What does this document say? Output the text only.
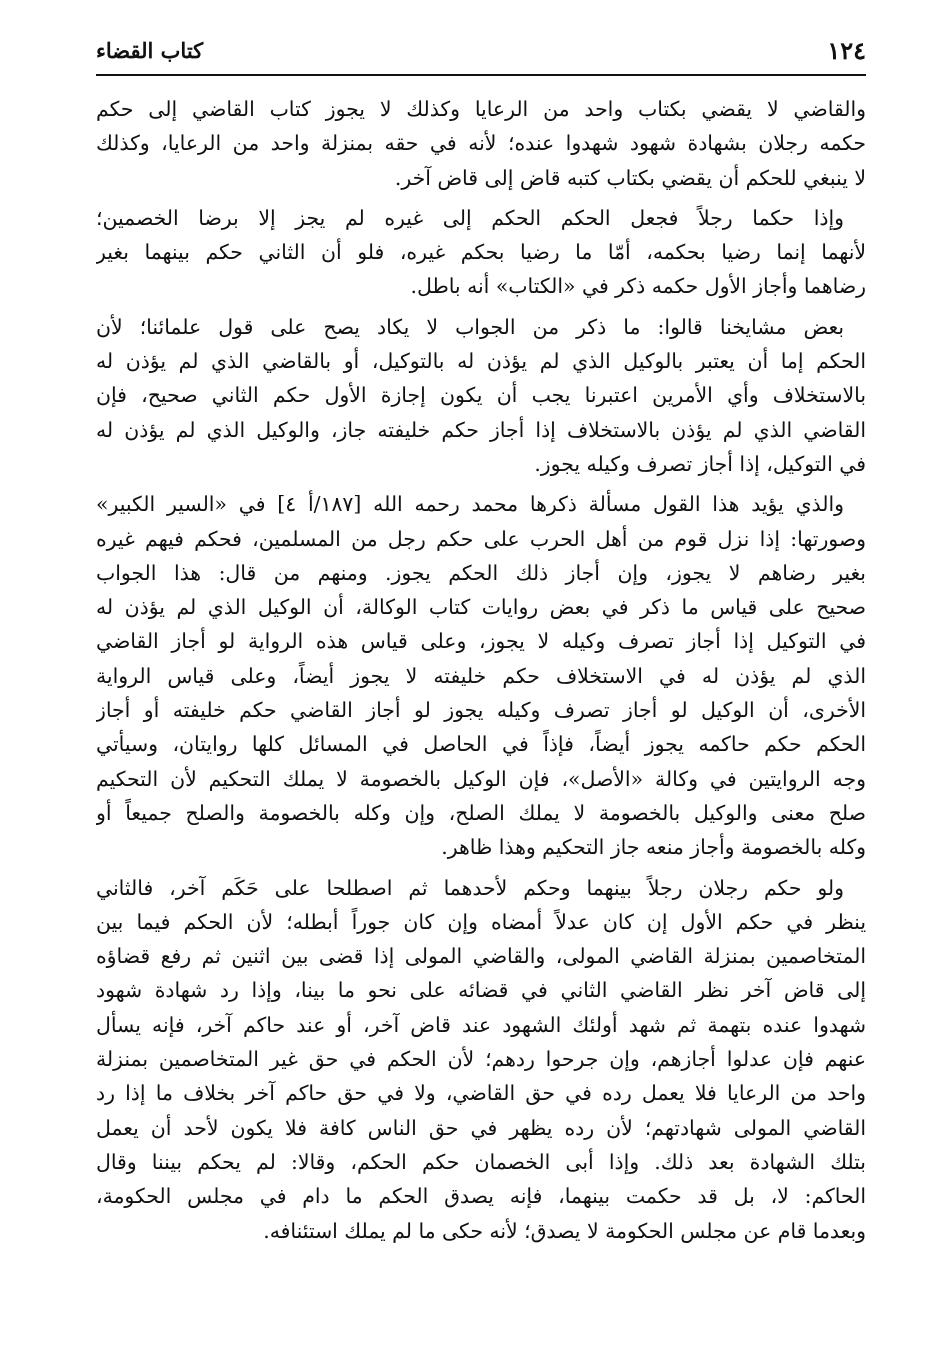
١٢٤
كتاب القضاء
والقاضي لا يقضي بكتاب واحد من الرعايا وكذلك لا يجوز كتاب القاضي إلى حكم
حكمه رجلان بشهادة شهود شهدوا عنده؛ لأنه في حقه بمنزلة واحد من الرعايا، وكذلك
لا ينبغي للحكم أن يقضي بكتاب كتبه قاض إلى قاض آخر.
وإذا حكما رجلاً فجعل الحكم الحكم إلى غيره لم يجز إلا برضا الخصمين؛
لأنهما إنما رضيا بحكمه، أمّا ما رضيا بحكم غيره، فلو أن الثاني حكم بينهما بغير
رضاهما وأجاز الأول حكمه ذكر في «الكتاب» أنه باطل.
بعض مشايخنا قالوا: ما ذكر من الجواب لا يكاد يصح على قول علمائنا؛ لأن
الحكم إما أن يعتبر بالوكيل الذي لم يؤذن له بالتوكيل، أو بالقاضي الذي لم يؤذن له
بالاستخلاف وأي الأمرين اعتبرنا يجب أن يكون إجازة الأول حكم الثاني صحيح، فإن
القاضي الذي لم يؤذن بالاستخلاف إذا أجاز حكم خليفته جاز، والوكيل الذي لم يؤذن له
في التوكيل، إذا أجاز تصرف وكيله يجوز.
والذي يؤيد هذا القول مسألة ذكرها محمد رحمه الله [١٨٧/أ ٤] في «السير الكبير»
وصورتها: إذا نزل قوم من أهل الحرب على حكم رجل من المسلمين، فحكم فيهم غيره
بغير رضاهم لا يجوز، وإن أجاز ذلك الحكم يجوز. ومنهم من قال: هذا الجواب
صحيح على قياس ما ذكر في بعض روايات كتاب الوكالة، أن الوكيل الذي لم يؤذن له
في التوكيل إذا أجاز تصرف وكيله لا يجوز، وعلى قياس هذه الرواية لو أجاز القاضي
الذي لم يؤذن له في الاستخلاف حكم خليفته لا يجوز أيضاً، وعلى قياس الرواية
الأخرى، أن الوكيل لو أجاز تصرف وكيله يجوز لو أجاز القاضي حكم خليفته أو أجاز
الحكم حكم حاكمه يجوز أيضاً، فإذاً في الحاصل في المسائل كلها روايتان، وسيأتي
وجه الروايتين في وكالة «الأصل»، فإن الوكيل بالخصومة لا يملك التحكيم لأن التحكيم
صلح معنى والوكيل بالخصومة لا يملك الصلح، وإن وكله بالخصومة والصلح جميعاً أو
وكله بالخصومة وأجاز منعه جاز التحكيم وهذا ظاهر.
ولو حكم رجلان رجلاً بينهما وحكم لأحدهما ثم اصطلحا على حَكَم آخر، فالثاني
ينظر في حكم الأول إن كان عدلاً أمضاه وإن كان جوراً أبطله؛ لأن الحكم فيما بين
المتخاصمين بمنزلة القاضي المولى، والقاضي المولى إذا قضى بين اثنين ثم رفع قضاؤه
إلى قاض آخر نظر القاضي الثاني في قضائه على نحو ما بينا، وإذا رد شهادة شهود
شهدوا عنده بتهمة ثم شهد أولئك الشهود عند قاض آخر، أو عند حاكم آخر، فإنه يسأل
عنهم فإن عدلوا أجازهم، وإن جرحوا ردهم؛ لأن الحكم في حق غير المتخاصمين بمنزلة
واحد من الرعايا فلا يعمل رده في حق القاضي، ولا في حق حاكم آخر بخلاف ما إذا رد
القاضي المولى شهادتهم؛ لأن رده يظهر في حق الناس كافة فلا يكون لأحد أن يعمل
بتلك الشهادة بعد ذلك. وإذا أبى الخصمان حكم الحكم، وقالا: لم يحكم بيننا وقال
الحاكم: لا، بل قد حكمت بينهما، فإنه يصدق الحكم ما دام في مجلس الحكومة،
وبعدما قام عن مجلس الحكومة لا يصدق؛ لأنه حكى ما لم يملك استئنافه.
